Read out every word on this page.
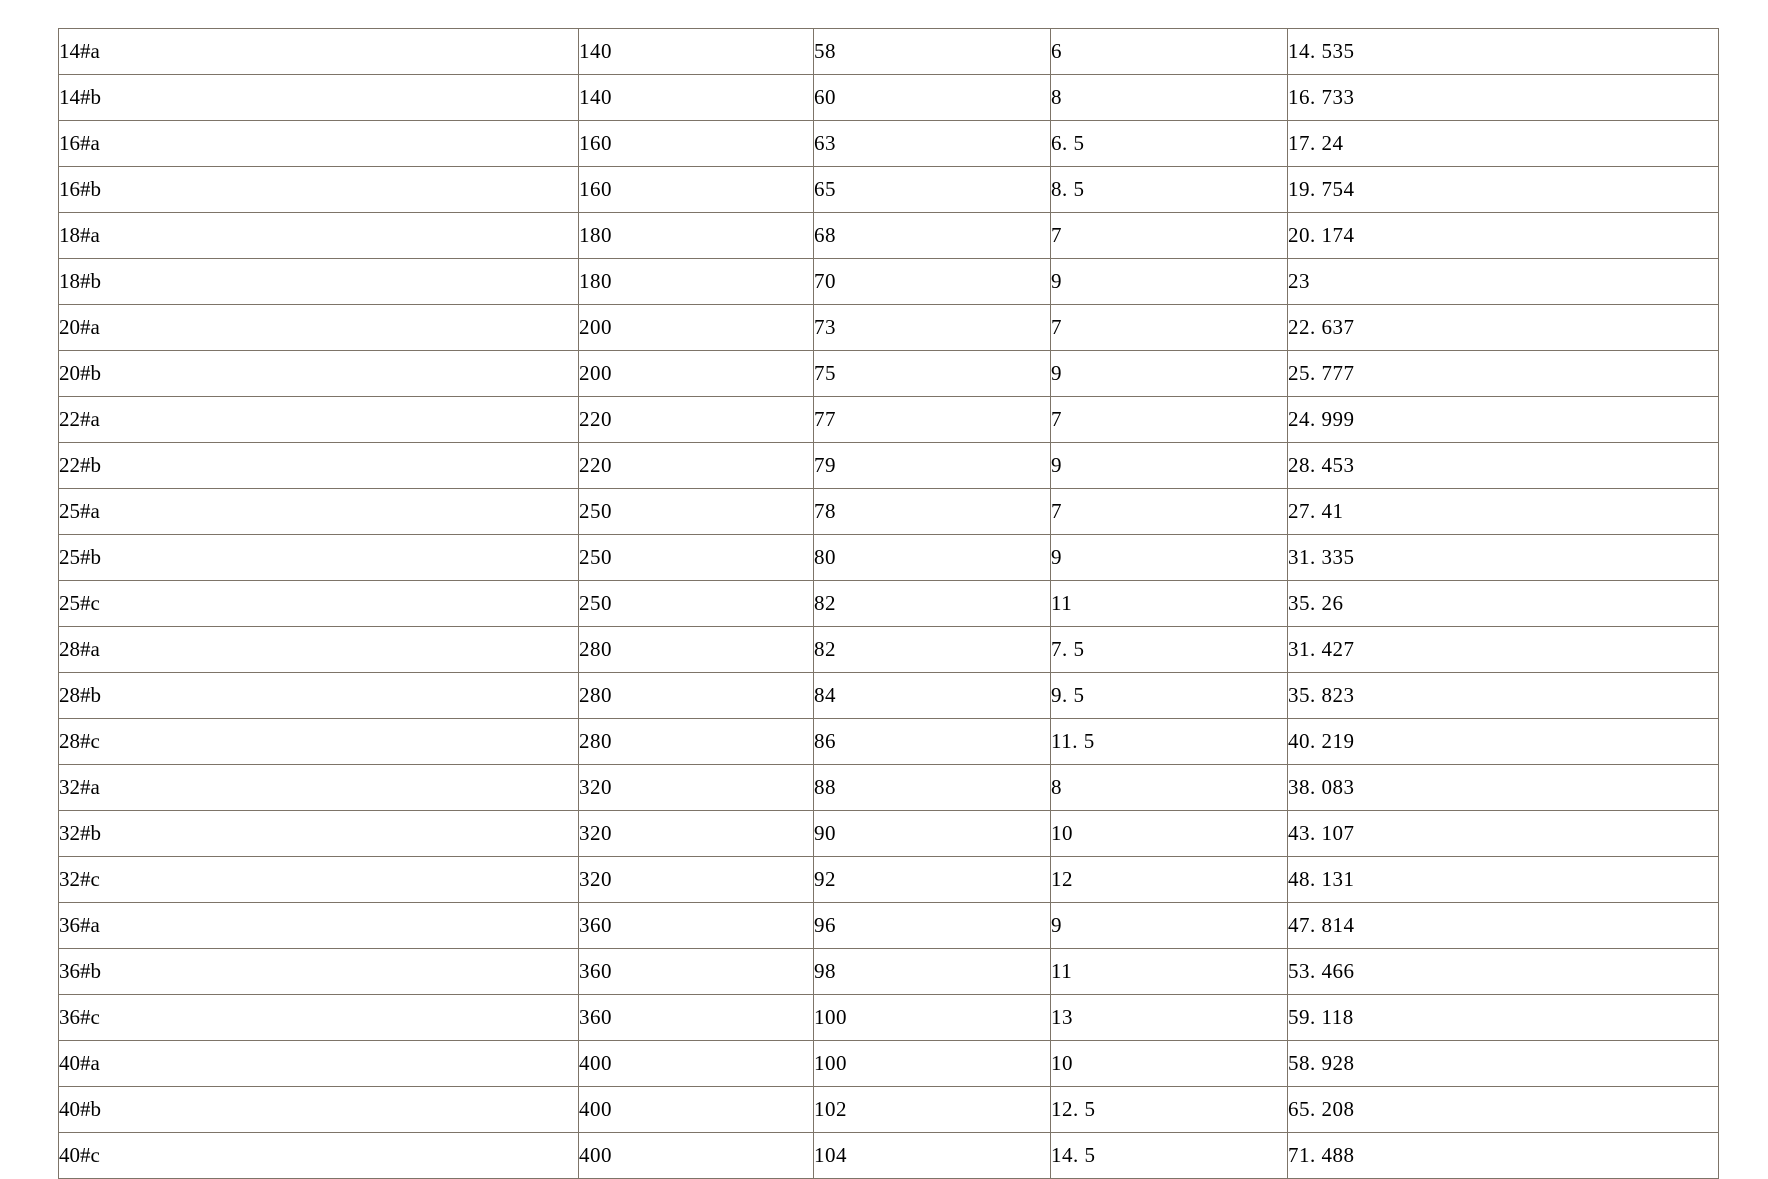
14#a	140	58	6	14. 535
14#b	140	60	8	16. 733
16#a	160	63	6. 5	17. 24
16#b	160	65	8. 5	19. 754
18#a	180	68	7	20. 174
18#b	180	70	9	23
20#a	200	73	7	22. 637
20#b	200	75	9	25. 777
22#a	220	77	7	24. 999
22#b	220	79	9	28. 453
25#a	250	78	7	27. 41
25#b	250	80	9	31. 335
25#c	250	82	11	35. 26
28#a	280	82	7. 5	31. 427
28#b	280	84	9. 5	35. 823
28#c	280	86	11. 5	40. 219
32#a	320	88	8	38. 083
32#b	320	90	10	43. 107
32#c	320	92	12	48. 131
36#a	360	96	9	47. 814
36#b	360	98	11	53. 466
36#c	360	100	13	59. 118
40#a	400	100	10	58. 928
40#b	400	102	12. 5	65. 208
40#c	400	104	14. 5	71. 488
